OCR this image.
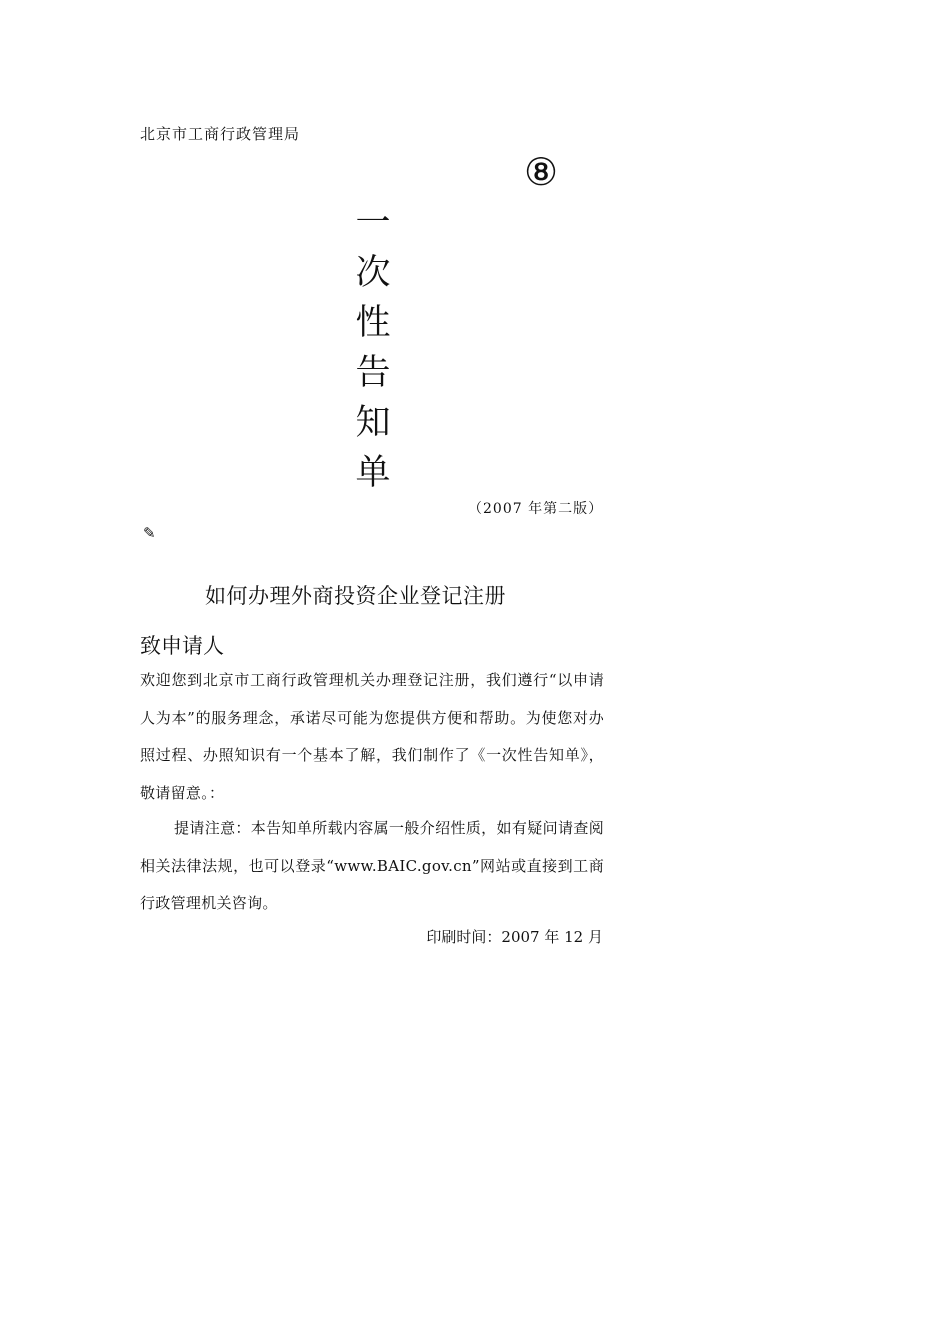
北京市工商行政管理局
⑧
一
次
性
告
知
单
（2007 年第二版）
✎
如何办理外商投资企业登记注册
致申请人
欢迎您到北京市工商行政管理机关办理登记注册，我们遵行“以申请人为本”的服务理念，承诺尽可能为您提供方便和帮助。为使您对办照过程、办照知识有一个基本了解，我们制作了《一次性告知单》，敬请留意。：
提请注意：本告知单所载内容属一般介绍性质，如有疑问请查阅相关法律法规，也可以登录“www.BAIC.gov.cn”网站或直接到工商行政管理机关咨询。
印刷时间：2007 年 12 月
